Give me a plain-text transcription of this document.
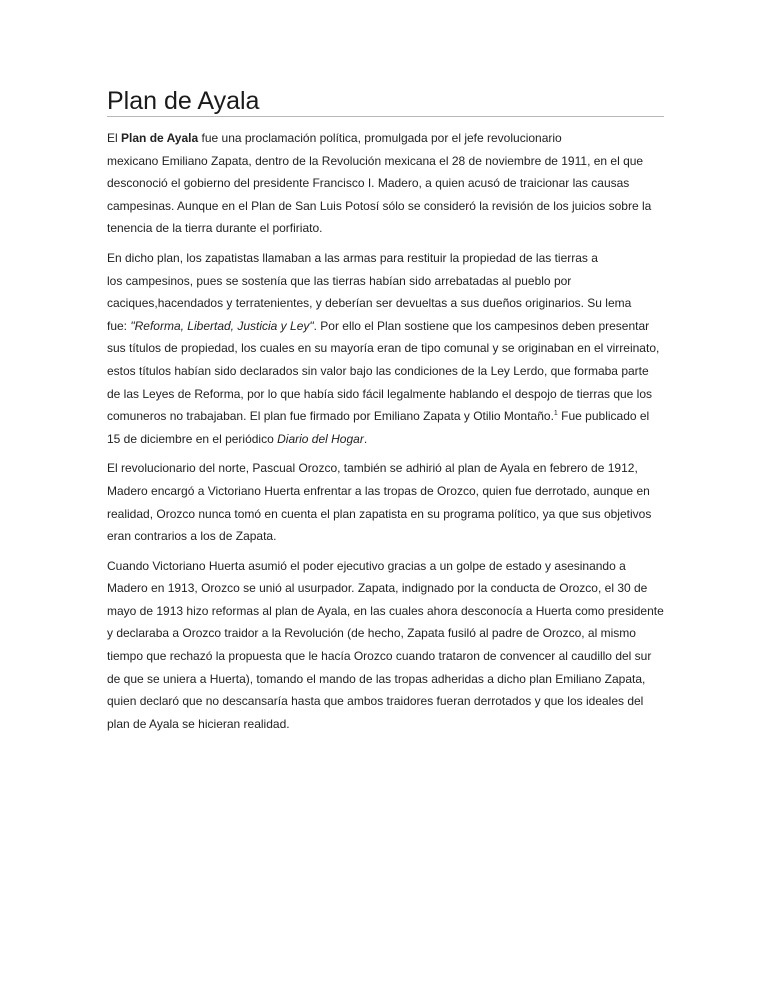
Plan de Ayala

El Plan de Ayala fue una proclamación política, promulgada por el jefe revolucionario
mexicano Emiliano Zapata, dentro de la Revolución mexicana el 28 de noviembre de 1911, en el que
desconoció el gobierno del presidente Francisco I. Madero, a quien acusó de traicionar las causas
campesinas. Aunque en el Plan de San Luis Potosí sólo se consideró la revisión de los juicios sobre la
tenencia de la tierra durante el porfiriato.

En dicho plan, los zapatistas llamaban a las armas para restituir la propiedad de las tierras a
los campesinos, pues se sostenía que las tierras habían sido arrebatadas al pueblo por
caciques,hacendados y terratenientes, y deberían ser devueltas a sus dueños originarios. Su lema
fue: "Reforma, Libertad, Justicia y Ley". Por ello el Plan sostiene que los campesinos deben presentar
sus títulos de propiedad, los cuales en su mayoría eran de tipo comunal y se originaban en el virreinato,
estos títulos habían sido declarados sin valor bajo las condiciones de la Ley Lerdo, que formaba parte
de las Leyes de Reforma, por lo que había sido fácil legalmente hablando el despojo de tierras que los
comuneros no trabajaban. El plan fue firmado por Emiliano Zapata y Otilio Montaño.$^1$ Fue publicado el
15 de diciembre en el periódico Diario del Hogar.

El revolucionario del norte, Pascual Orozco, también se adhirió al plan de Ayala en febrero de 1912,
Madero encargó a Victoriano Huerta enfrentar a las tropas de Orozco, quien fue derrotado, aunque en
realidad, Orozco nunca tomó en cuenta el plan zapatista en su programa político, ya que sus objetivos
eran contrarios a los de Zapata.

Cuando Victoriano Huerta asumió el poder ejecutivo gracias a un golpe de estado y asesinando a
Madero en 1913, Orozco se unió al usurpador. Zapata, indignado por la conducta de Orozco, el 30 de
mayo de 1913 hizo reformas al plan de Ayala, en las cuales ahora desconocía a Huerta como presidente
y declaraba a Orozco traidor a la Revolución (de hecho, Zapata fusiló al padre de Orozco, al mismo
tiempo que rechazó la propuesta que le hacía Orozco cuando trataron de convencer al caudillo del sur
de que se uniera a Huerta), tomando el mando de las tropas adheridas a dicho plan Emiliano Zapata,
quien declaró que no descansaría hasta que ambos traidores fueran derrotados y que los ideales del
plan de Ayala se hicieran realidad.
